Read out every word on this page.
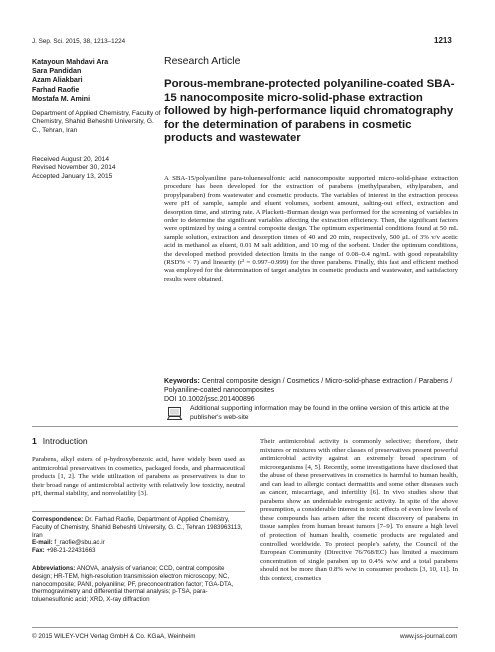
J. Sep. Sci. 2015, 38, 1213–1224	1213
Katayoun Mahdavi Ara
Sara Pandidan
Azam Aliakbari
Farhad Raofie
Mostafa M. Amini
Department of Applied Chemistry, Faculty of Chemistry, Shahid Beheshti University, G. C., Tehran, Iran
Received August 20, 2014
Revised November 30, 2014
Accepted January 13, 2015
Research Article
Porous-membrane-protected polyaniline-coated SBA-15 nanocomposite micro-solid-phase extraction followed by high-performance liquid chromatography for the determination of parabens in cosmetic products and wastewater
A SBA-15/polyaniline para-toluenesulfonic acid nanocomposite supported micro-solid-phase extraction procedure has been developed for the extraction of parabens (methylparaben, ethylparaben, and propylparaben) from wastewater and cosmetic products. The variables of interest in the extraction process were pH of sample, sample and eluent volumes, sorbent amount, salting-out effect, extraction and desorption time, and stirring rate. A Plackett–Burman design was performed for the screening of variables in order to determine the significant variables affecting the extraction efficiency. Then, the significant factors were optimized by using a central composite design. The optimum experimental conditions found at 50 mL sample solution, extraction and desorption times of 40 and 20 min, respectively, 500 μL of 3% v/v acetic acid in methanol as eluent, 0.01 M salt addition, and 10 mg of the sorbent. Under the optimum conditions, the developed method provided detection limits in the range of 0.08–0.4 ng/mL with good repeatability (RSD% < 7) and linearity (r² = 0.997–0.999) for the three parabens. Finally, this fast and efficient method was employed for the determination of target analytes in cosmetic products and wastewater, and satisfactory results were obtained.
Keywords: Central composite design / Cosmetics / Micro-solid-phase extraction / Parabens / Polyaniline-coated nanocomposites
DOI 10.1002/jssc.201400896
Additional supporting information may be found in the online version of this article at the publisher's web-site
1 Introduction
Parabens, alkyl esters of p-hydroxybenzoic acid, have widely been used as antimicrobial preservatives in cosmetics, packaged foods, and pharmaceutical products [1, 2]. The wide utilization of parabens as preservatives is due to their broad range of antimicrobial activity with relatively low toxicity, neutral pH, thermal stability, and nonvolatility [3].
Their antimicrobial activity is commonly selective; therefore, their mixtures or mixtures with other classes of preservatives present powerful antimicrobial activity against an extremely broad spectrum of microorganisms [4, 5]. Recently, some investigations have disclosed that the abuse of these preservatives in cosmetics is harmful to human health, and can lead to allergic contact dermatitis and some other diseases such as cancer, miscarriage, and infertility [6]. In vivo studies show that parabens show an undeniable estrogenic activity. In spite of the above presumption, a considerable interest in toxic effects of even low levels of these compounds has arisen after the recent discovery of parabens in tissue samples from human breast tumors [7–9]. To ensure a high level of protection of human health, cosmetic products are regulated and controlled worldwide. To protect people's safety, the Council of the European Community (Directive 76/768/EC) has limited a maximum concentration of single paraben up to 0.4% w/w and a total parabens should not be more than 0.8% w/w in consumer products [3, 10, 11]. In this context, cosmetics
Correspondence: Dr. Farhad Raofie, Department of Applied Chemistry, Faculty of Chemistry, Shahid Beheshti University, G. C., Tehran 1983963113, Iran
E-mail: f_raofie@sbu.ac.ir
Fax: +98-21-22431663
Abbreviations: ANOVA, analysis of variance; CCD, central composite design; HR-TEM, high-resolution transmission electron microscopy; NC, nanocomposite; PANI, polyaniline; PF, preconcentration factor; TGA-DTA, thermogravimetry and differential thermal analysis; p-TSA, para-toluenesulfonic acid; XRD, X-ray diffraction
© 2015 WILEY-VCH Verlag GmbH & Co. KGaA, Weinheim	www.jss-journal.com
